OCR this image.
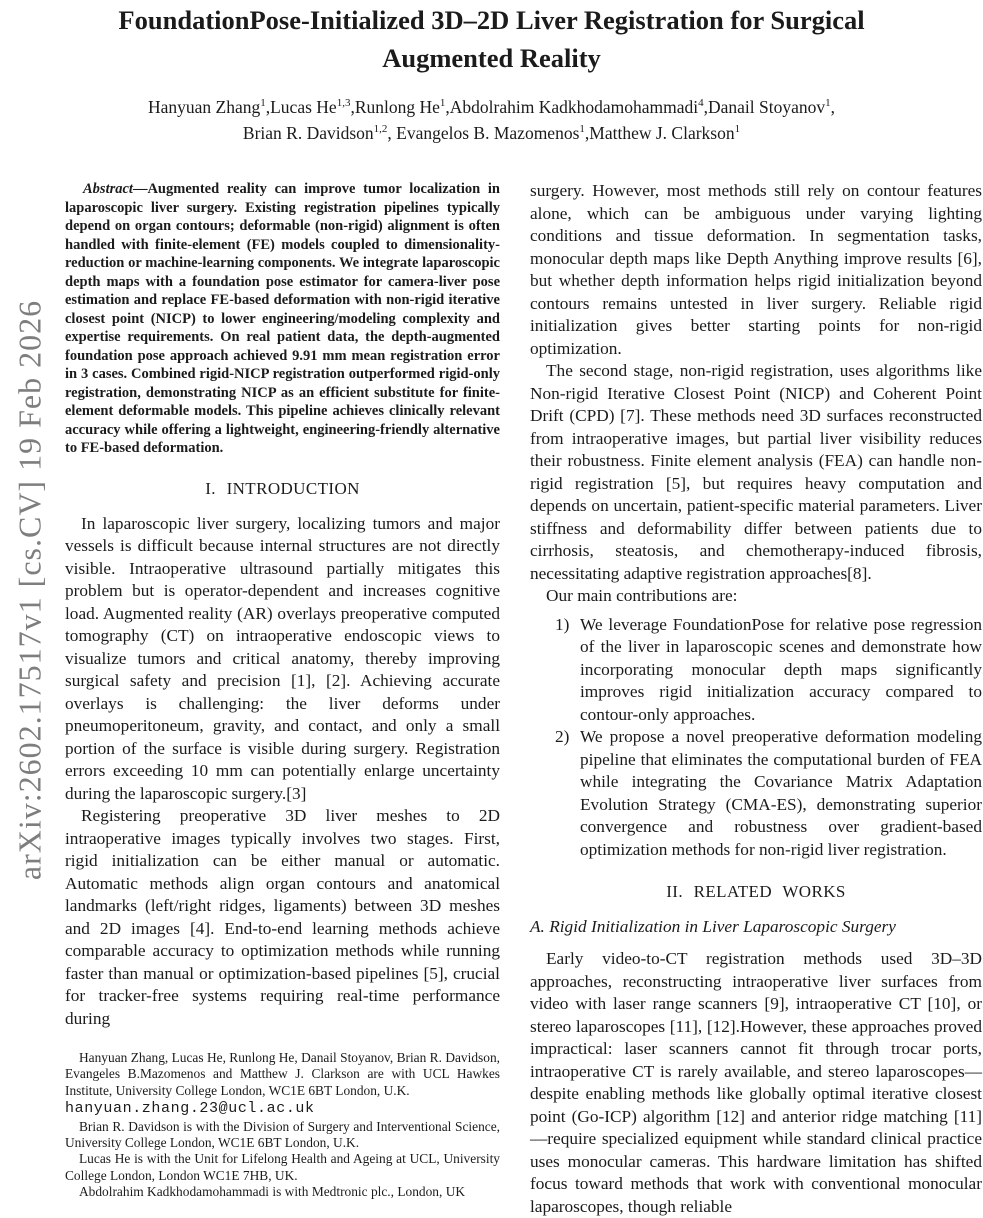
arXiv:2602.17517v1 [cs.CV] 19 Feb 2026
FoundationPose-Initialized 3D–2D Liver Registration for Surgical
Augmented Reality
Hanyuan Zhang$^1$,Lucas He$^{1,3}$,Runlong He$^1$,Abdolrahim Kadkhodamohammadi$^4$,Danail Stoyanov$^1$,
Brian R. Davidson$^{1,2}$, Evangelos B. Mazomenos$^1$,Matthew J. Clarkson$^1$

Abstract—Augmented reality can improve tumor localization in laparoscopic liver surgery. Existing registration pipelines typically depend on organ contours; deformable (non-rigid) alignment is often handled with finite-element (FE) models coupled to dimensionality-reduction or machine-learning components. We integrate laparoscopic depth maps with a foundation pose estimator for camera-liver pose estimation and replace FE-based deformation with non-rigid iterative closest point (NICP) to lower engineering/modeling complexity and expertise requirements. On real patient data, the depth-augmented foundation pose approach achieved 9.91 mm mean registration error in 3 cases. Combined rigid-NICP registration outperformed rigid-only registration, demonstrating NICP as an efficient substitute for finite-element deformable models. This pipeline achieves clinically relevant accuracy while offering a lightweight, engineering-friendly alternative to FE-based deformation.

I. INTRODUCTION

In laparoscopic liver surgery, localizing tumors and major vessels is difficult because internal structures are not directly visible. Intraoperative ultrasound partially mitigates this problem but is operator-dependent and increases cognitive load. Augmented reality (AR) overlays preoperative computed tomography (CT) on intraoperative endoscopic views to visualize tumors and critical anatomy, thereby improving surgical safety and precision [1], [2]. Achieving accurate overlays is challenging: the liver deforms under pneumoperitoneum, gravity, and contact, and only a small portion of the surface is visible during surgery. Registration errors exceeding 10 mm can potentially enlarge uncertainty during the laparoscopic surgery.[3]

Registering preoperative 3D liver meshes to 2D intraoperative images typically involves two stages. First, rigid initialization can be either manual or automatic. Automatic methods align organ contours and anatomical landmarks (left/right ridges, ligaments) between 3D meshes and 2D images [4]. End-to-end learning methods achieve comparable accuracy to optimization methods while running faster than manual or optimization-based pipelines [5], crucial for tracker-free systems requiring real-time performance during

Hanyuan Zhang, Lucas He, Runlong He, Danail Stoyanov, Brian R. Davidson, Evangeles B.Mazomenos and Matthew J. Clarkson are with UCL Hawkes Institute, University College London, WC1E 6BT London, U.K.

hanyuan.zhang.23@ucl.ac.uk

Brian R. Davidson is with the Division of Surgery and Interventional Science, University College London, WC1E 6BT London, U.K.

Lucas He is with the Unit for Lifelong Health and Ageing at UCL, University College London, London WC1E 7HB, UK.

Abdolrahim Kadkhodamohammadi is with Medtronic plc., London, UK

surgery. However, most methods still rely on contour features alone, which can be ambiguous under varying lighting conditions and tissue deformation. In segmentation tasks, monocular depth maps like Depth Anything improve results [6], but whether depth information helps rigid initialization beyond contours remains untested in liver surgery. Reliable rigid initialization gives better starting points for non-rigid optimization.

The second stage, non-rigid registration, uses algorithms like Non-rigid Iterative Closest Point (NICP) and Coherent Point Drift (CPD) [7]. These methods need 3D surfaces reconstructed from intraoperative images, but partial liver visibility reduces their robustness. Finite element analysis (FEA) can handle non-rigid registration [5], but requires heavy computation and depends on uncertain, patient-specific material parameters. Liver stiffness and deformability differ between patients due to cirrhosis, steatosis, and chemotherapy-induced fibrosis, necessitating adaptive registration approaches[8].

Our main contributions are:

1) We leverage FoundationPose for relative pose regression of the liver in laparoscopic scenes and demonstrate how incorporating monocular depth maps significantly improves rigid initialization accuracy compared to contour-only approaches.
2) We propose a novel preoperative deformation modeling pipeline that eliminates the computational burden of FEA while integrating the Covariance Matrix Adaptation Evolution Strategy (CMA-ES), demonstrating superior convergence and robustness over gradient-based optimization methods for non-rigid liver registration.
II. RELATED WORKS
A. Rigid Initialization in Liver Laparoscopic Surgery

Early video-to-CT registration methods used 3D–3D approaches, reconstructing intraoperative liver surfaces from video with laser range scanners [9], intraoperative CT [10], or stereo laparoscopes [11], [12].However, these approaches proved impractical: laser scanners cannot fit through trocar ports, intraoperative CT is rarely available, and stereo laparoscopes—despite enabling methods like globally optimal iterative closest point (Go-ICP) algorithm [12] and anterior ridge matching [11]—require specialized equipment while standard clinical practice uses monocular cameras. This hardware limitation has shifted focus toward methods that work with conventional monocular laparoscopes, though reliable
